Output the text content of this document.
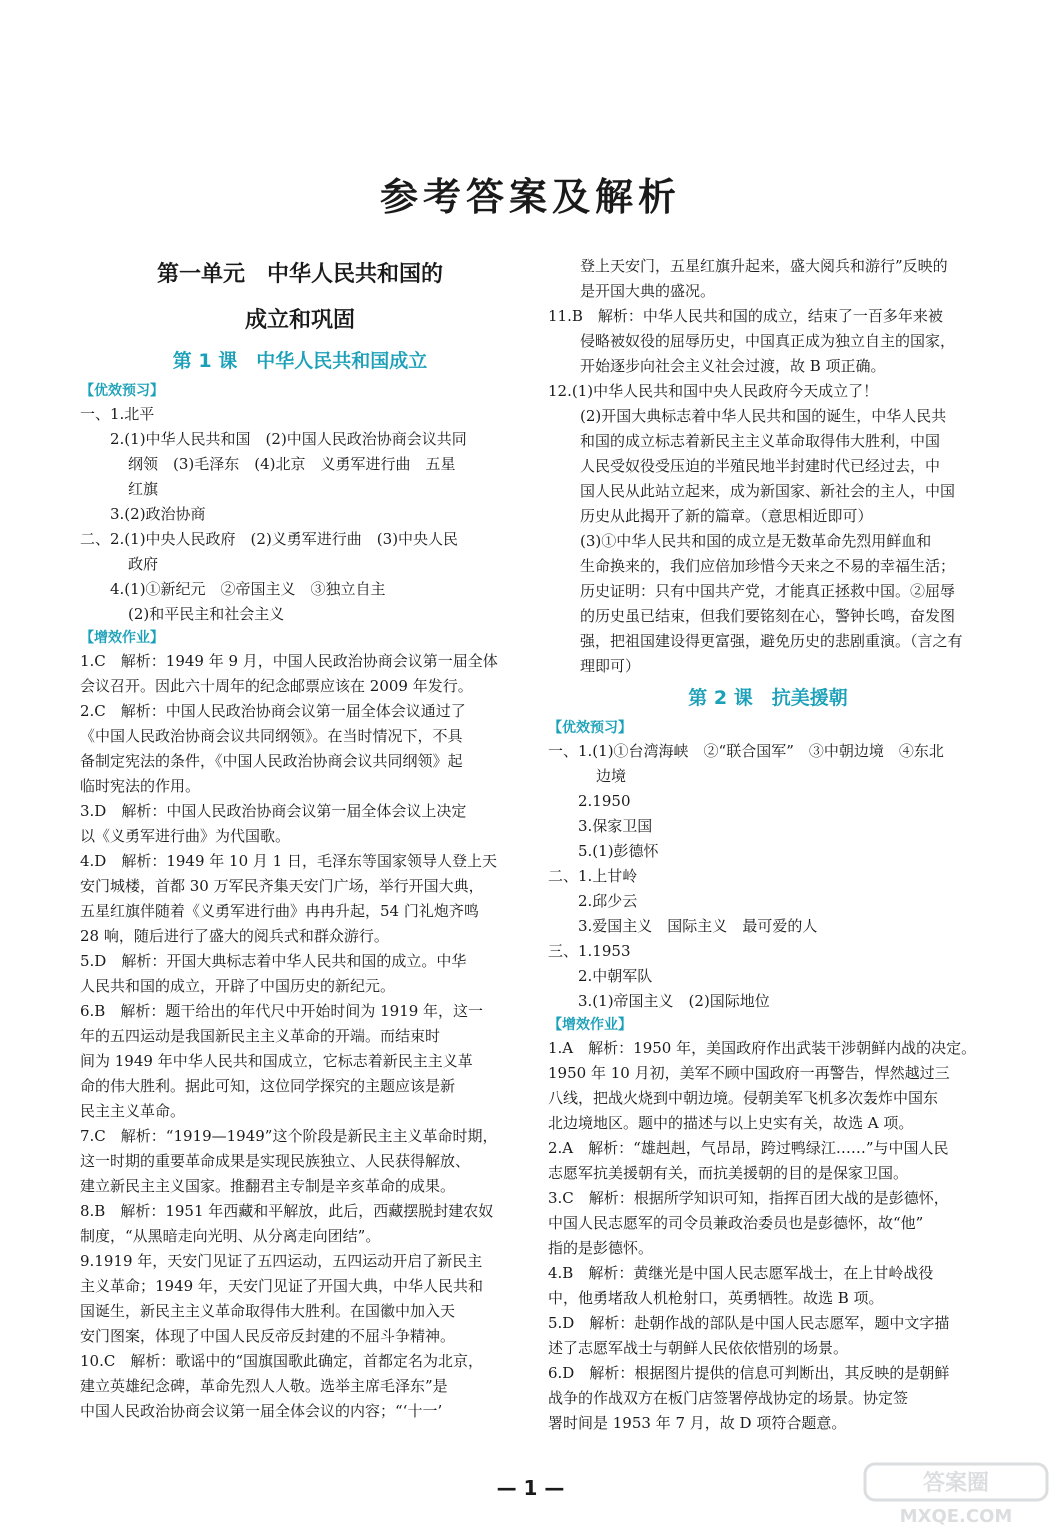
参考答案及解析
第一单元　中华人民共和国的
成立和巩固
第 1 课　中华人民共和国成立
【优效预习】
一、1.北平
2.(1)中华人民共和国　(2)中国人民政治协商会议共同
纲领　(3)毛泽东　(4)北京　义勇军进行曲　五星
红旗
3.(2)政治协商
二、2.(1)中央人民政府　(2)义勇军进行曲　(3)中央人民
政府
4.(1)①新纪元　②帝国主义　③独立自主
(2)和平民主和社会主义
【增效作业】
1.C　解析：1949 年 9 月，中国人民政治协商会议第一届全体
会议召开。因此六十周年的纪念邮票应该在 2009 年发行。
2.C　解析：中国人民政治协商会议第一届全体会议通过了
《中国人民政治协商会议共同纲领》。在当时情况下，不具
备制定宪法的条件，《中国人民政治协商会议共同纲领》起
临时宪法的作用。
3.D　解析：中国人民政治协商会议第一届全体会议上决定
以《义勇军进行曲》为代国歌。
4.D　解析：1949 年 10 月 1 日，毛泽东等国家领导人登上天
安门城楼，首都 30 万军民齐集天安门广场，举行开国大典，
五星红旗伴随着《义勇军进行曲》冉冉升起，54 门礼炮齐鸣
28 响，随后进行了盛大的阅兵式和群众游行。
5.D　解析：开国大典标志着中华人民共和国的成立。中华
人民共和国的成立，开辟了中国历史的新纪元。
6.B　解析：题干给出的年代尺中开始时间为 1919 年，这一
年的五四运动是我国新民主主义革命的开端。而结束时
间为 1949 年中华人民共和国成立，它标志着新民主主义革
命的伟大胜利。据此可知，这位同学探究的主题应该是新
民主主义革命。
7.C　解析：“1919—1949”这个阶段是新民主主义革命时期，
这一时期的重要革命成果是实现民族独立、人民获得解放、
建立新民主主义国家。推翻君主专制是辛亥革命的成果。
8.B　解析：1951 年西藏和平解放，此后，西藏摆脱封建农奴
制度，“从黑暗走向光明、从分离走向团结”。
9.1919 年，天安门见证了五四运动，五四运动开启了新民主
主义革命；1949 年，天安门见证了开国大典，中华人民共和
国诞生，新民主主义革命取得伟大胜利。在国徽中加入天
安门图案，体现了中国人民反帝反封建的不屈斗争精神。
10.C　解析：歌谣中的“国旗国歌此确定，首都定名为北京，
建立英雄纪念碑，革命先烈人人敬。选举主席毛泽东”是
中国人民政治协商会议第一届全体会议的内容；“‘十一’
登上天安门，五星红旗升起来，盛大阅兵和游行”反映的
是开国大典的盛况。
11.B　解析：中华人民共和国的成立，结束了一百多年来被
侵略被奴役的屈辱历史，中国真正成为独立自主的国家，
开始逐步向社会主义社会过渡，故 B 项正确。
12.(1)中华人民共和国中央人民政府今天成立了！
(2)开国大典标志着中华人民共和国的诞生，中华人民共
和国的成立标志着新民主主义革命取得伟大胜利，中国
人民受奴役受压迫的半殖民地半封建时代已经过去，中
国人民从此站立起来，成为新国家、新社会的主人，中国
历史从此揭开了新的篇章。（意思相近即可）
(3)①中华人民共和国的成立是无数革命先烈用鲜血和
生命换来的，我们应倍加珍惜今天来之不易的幸福生活；
历史证明：只有中国共产党，才能真正拯救中国。②屈辱
的历史虽已结束，但我们要铭刻在心，警钟长鸣，奋发图
强，把祖国建设得更富强，避免历史的悲剧重演。（言之有
理即可）
第 2 课　抗美援朝
【优效预习】
一、1.(1)①台湾海峡　②“联合国军”　③中朝边境　④东北
边境
2.1950
3.保家卫国
5.(1)彭德怀
二、1.上甘岭
2.邱少云
3.爱国主义　国际主义　最可爱的人
三、1.1953
2.中朝军队
3.(1)帝国主义　(2)国际地位
【增效作业】
1.A　解析：1950 年，美国政府作出武装干涉朝鲜内战的决定。
1950 年 10 月初，美军不顾中国政府一再警告，悍然越过三
八线，把战火烧到中朝边境。侵朝美军飞机多次轰炸中国东
北边境地区。题中的描述与以上史实有关，故选 A 项。
2.A　解析：“雄赳赳，气昂昂，跨过鸭绿江……”与中国人民
志愿军抗美援朝有关，而抗美援朝的目的是保家卫国。
3.C　解析：根据所学知识可知，指挥百团大战的是彭德怀，
中国人民志愿军的司令员兼政治委员也是彭德怀，故“他”
指的是彭德怀。
4.B　解析：黄继光是中国人民志愿军战士，在上甘岭战役
中，他勇堵敌人机枪射口，英勇牺牲。故选 B 项。
5.D　解析：赴朝作战的部队是中国人民志愿军，题中文字描
述了志愿军战士与朝鲜人民依依惜别的场景。
6.D　解析：根据图片提供的信息可判断出，其反映的是朝鲜
战争的作战双方在板门店签署停战协定的场景。协定签
署时间是 1953 年 7 月，故 D 项符合题意。
— 1 —	答案圈
MXQE.COM
